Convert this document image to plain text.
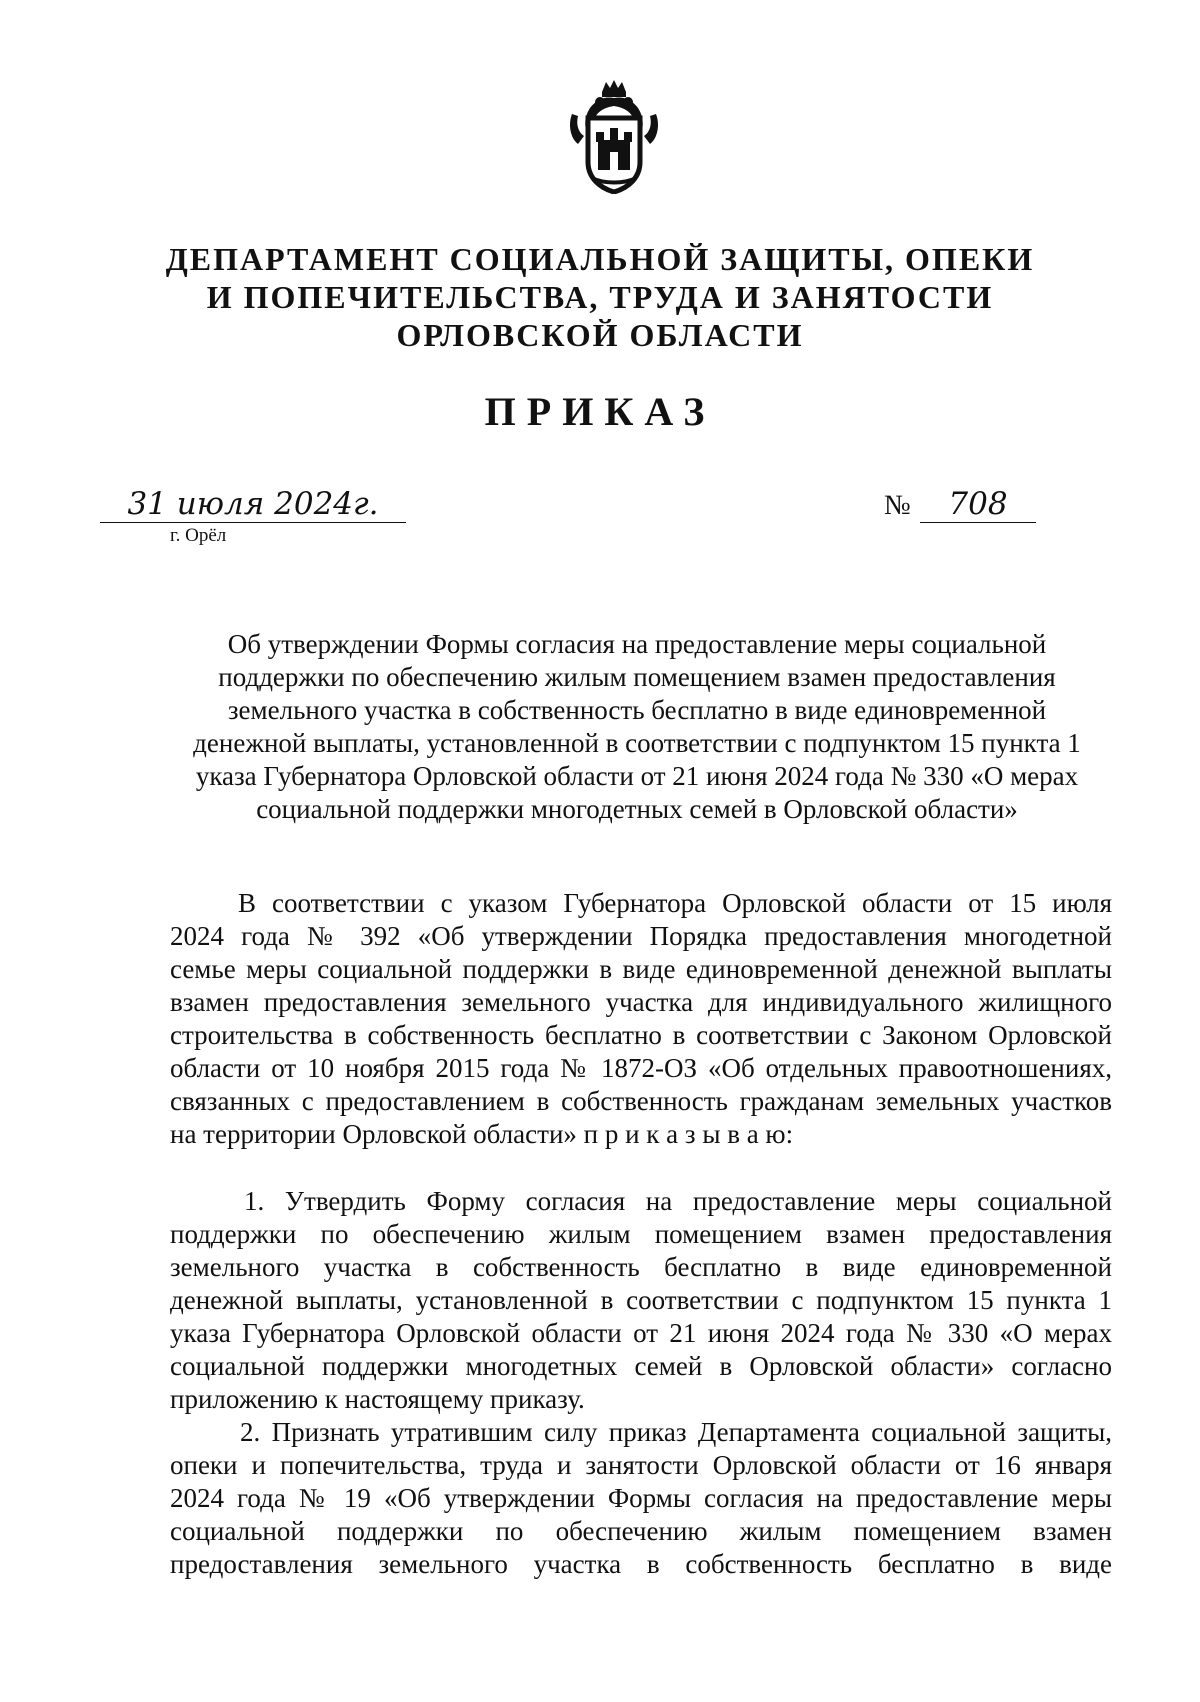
ДЕПАРТАМЕНТ СОЦИАЛЬНОЙ ЗАЩИТЫ, ОПЕКИ
И ПОПЕЧИТЕЛЬСТВА, ТРУДА И ЗАНЯТОСТИ
ОРЛОВСКОЙ ОБЛАСТИ
ПРИКАЗ
31 июля 2024г.
г. Орёл
№	708
Об утверждении Формы согласия на предоставление меры социальной
поддержки по обеспечению жилым помещением взамен предоставления
земельного участка в собственность бесплатно в виде единовременной
денежной выплаты, установленной в соответствии с подпунктом 15 пункта 1
указа Губернатора Орловской области от 21 июня 2024 года № 330 «О мерах
социальной поддержки многодетных семей в Орловской области»
В соответствии с указом Губернатора Орловской области от 15 июля
2024 года № 392 «Об утверждении Порядка предоставления многодетной
семье меры социальной поддержки в виде единовременной денежной выплаты
взамен предоставления земельного участка для индивидуального жилищного
строительства в собственность бесплатно в соответствии с Законом Орловской
области от 10 ноября 2015 года № 1872-ОЗ «Об отдельных правоотношениях,
связанных с предоставлением в собственность гражданам земельных участков
на территории Орловской области» п р и к а з ы в а ю:
1. Утвердить Форму согласия на предоставление меры социальной
поддержки по обеспечению жилым помещением взамен предоставления
земельного участка в собственность бесплатно в виде единовременной
денежной выплаты, установленной в соответствии с подпунктом 15 пункта 1
указа Губернатора Орловской области от 21 июня 2024 года № 330 «О мерах
социальной поддержки многодетных семей в Орловской области» согласно
приложению к настоящему приказу.
2. Признать утратившим силу приказ Департамента социальной защиты,
опеки и попечительства, труда и занятости Орловской области от 16 января
2024 года № 19 «Об утверждении Формы согласия на предоставление меры
социальной поддержки по обеспечению жилым помещением взамен
предоставления земельного участка в собственность бесплатно в виде
